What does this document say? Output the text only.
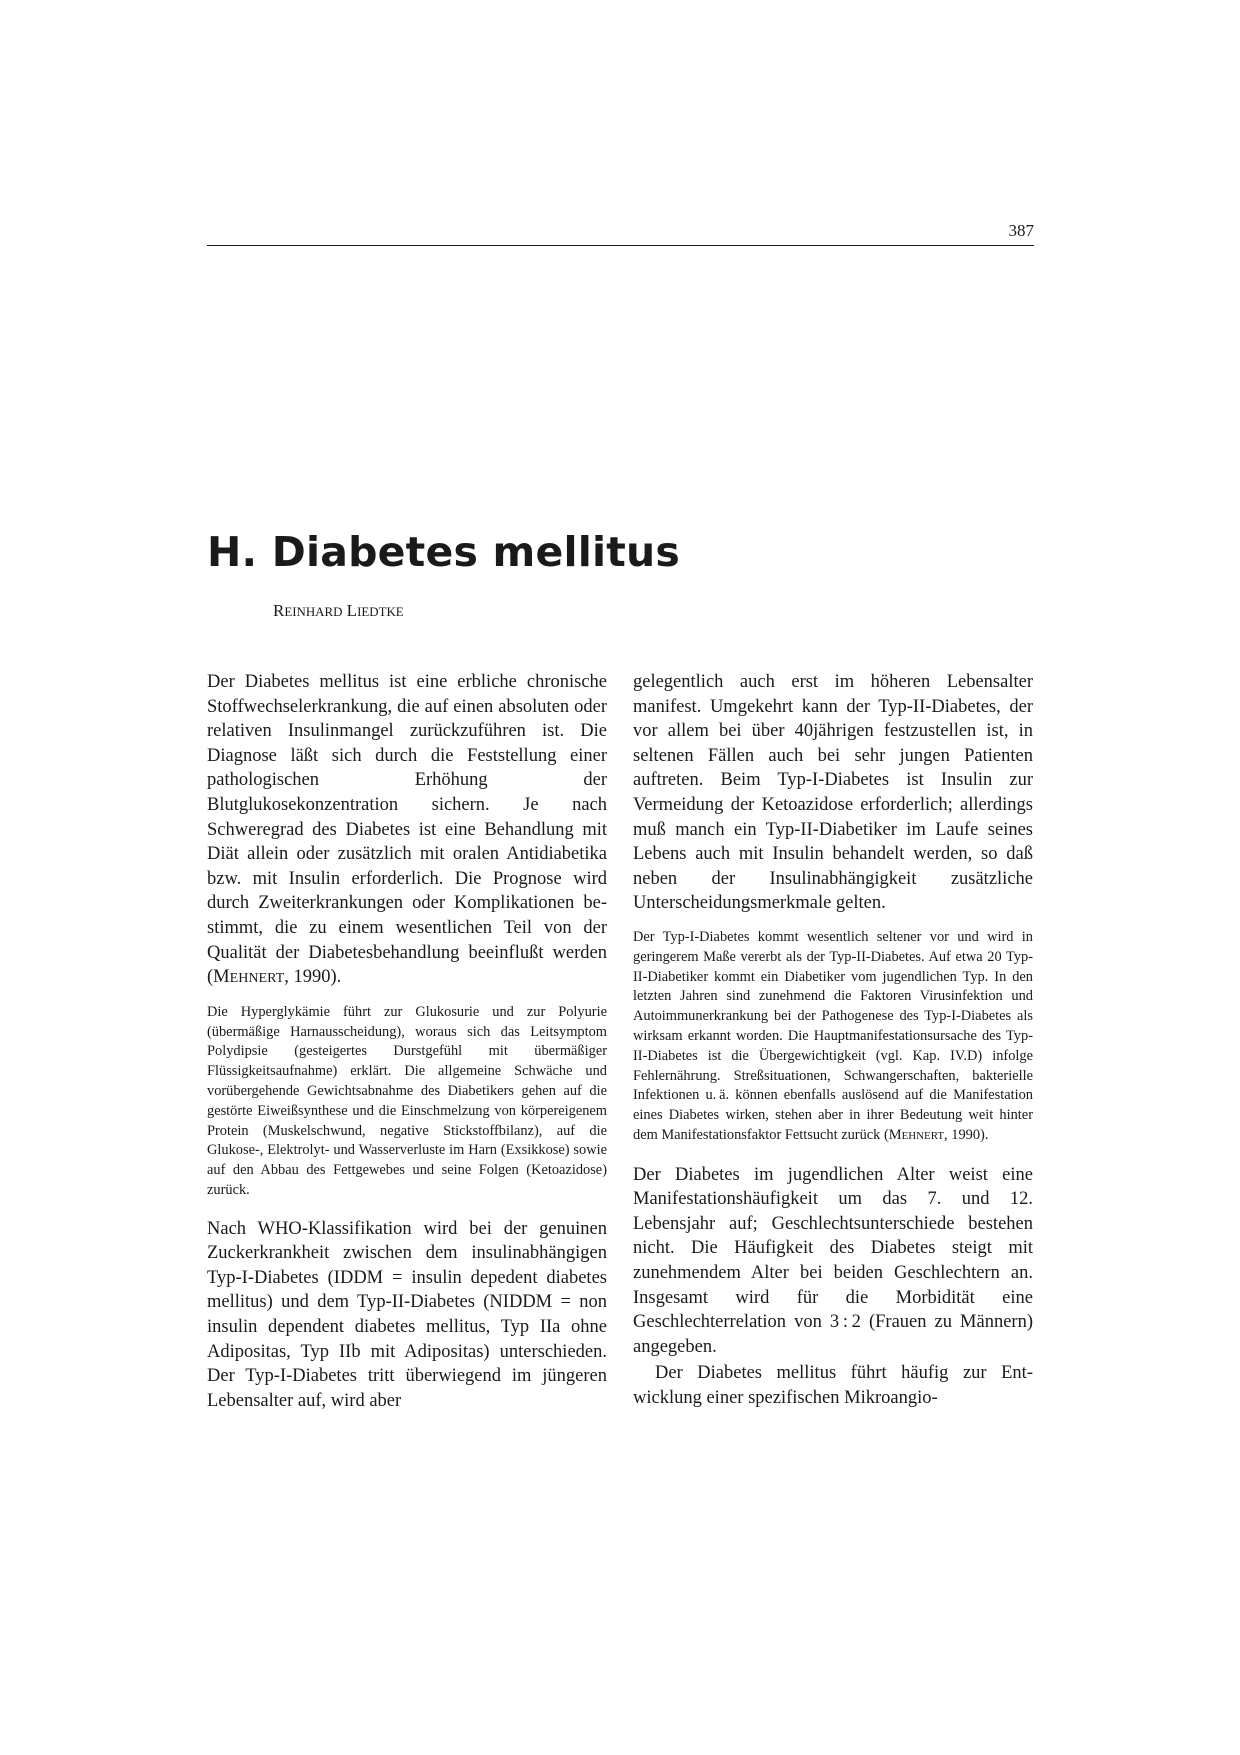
387
H. Diabetes mellitus
REINHARD LIEDTKE

Der Diabetes mellitus ist eine erbliche chronische Stoffwechselerkrankung, die auf einen absoluten oder relativen Insulinmangel zurückzuführen ist. Die Diagnose läßt sich durch die Feststellung einer pathologischen Erhöhung der Blutglukosekonzentration sichern. Je nach Schweregrad des Diabetes ist eine Behandlung mit Diät allein oder zusätzlich mit oralen Antidiabetika bzw. mit Insulin erforderlich. Die Prognose wird durch Zweiterkrankungen oder Komplikationen bestimmt, die zu einem wesentlichen Teil von der Qualität der Diabetesbehandlung beeinflußt werden (MEHNERT, 1990).

Die Hyperglykämie führt zur Glukosurie und zur Polyurie (übermäßige Harnausscheidung), woraus sich das Leitsymptom Polydipsie (gesteigertes Durstgefühl mit übermäßiger Flüssigkeitsaufnahme) erklärt. Die allgemeine Schwäche und vorübergehende Gewichtsabnahme des Diabetikers gehen auf die gestörte Eiweißsynthese und die Einschmelzung von körpereigenem Protein (Muskelschwund, negative Stickstoffbilanz), auf die Glukose-, Elektrolyt- und Wasserverluste im Harn (Exsikkose) sowie auf den Abbau des Fettgewebes und seine Folgen (Ketoazidose) zurück.

Nach WHO-Klassifikation wird bei der genuinen Zuckerkrankheit zwischen dem insulinabhängigen Typ-I-Diabetes (IDDM = insulin depedent diabetes mellitus) und dem Typ-II-Diabetes (NIDDM = non insulin dependent diabetes mellitus, Typ IIa ohne Adipositas, Typ IIb mit Adipositas) unterschieden. Der Typ-I-Diabetes tritt überwiegend im jüngeren Lebensalter auf, wird aber

gelegentlich auch erst im höheren Lebensalter manifest. Umgekehrt kann der Typ-II-Diabetes, der vor allem bei über 40jährigen festzustellen ist, in seltenen Fällen auch bei sehr jungen Patienten auftreten. Beim Typ-I-Diabetes ist Insulin zur Vermeidung der Ketoazidose erforderlich; allerdings muß manch ein Typ-II-Diabetiker im Laufe seines Lebens auch mit Insulin behandelt werden, so daß neben der Insulinabhängigkeit zusätzliche Unterscheidungsmerkmale gelten.

Der Typ-I-Diabetes kommt wesentlich seltener vor und wird in geringerem Maße vererbt als der Typ-II-Diabetes. Auf etwa 20 Typ-II-Diabetiker kommt ein Diabetiker vom jugendlichen Typ. In den letzten Jahren sind zunehmend die Faktoren Virusinfektion und Autoimmunerkrankung bei der Pathogenese des Typ-I-Diabetes als wirksam erkannt worden. Die Hauptmanifestationsursache des Typ-II-Diabetes ist die Übergewichtigkeit (vgl. Kap. IV.D) infolge Fehlernährung. Streßsituationen, Schwangerschaften, bakterielle Infektionen u. ä. können ebenfalls auslösend auf die Manifestation eines Diabetes wirken, stehen aber in ihrer Bedeutung weit hinter dem Manifestationsfaktor Fettsucht zurück (MEHNERT, 1990).

Der Diabetes im jugendlichen Alter weist eine Manifestationshäufigkeit um das 7. und 12. Lebensjahr auf; Geschlechtsunterschiede bestehen nicht. Die Häufigkeit des Diabetes steigt mit zunehmendem Alter bei beiden Geschlechtern an. Insgesamt wird für die Morbidität eine Geschlechterrelation von 3 : 2 (Frauen zu Männern) angegeben.

Der Diabetes mellitus führt häufig zur Entwicklung einer spezifischen Mikroangio-
